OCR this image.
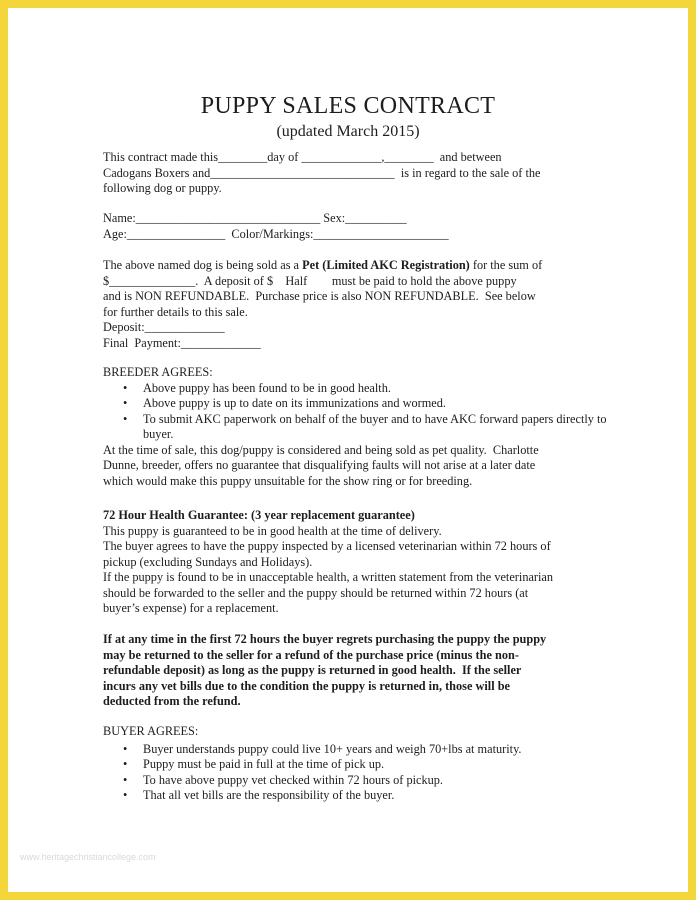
PUPPY SALES CONTRACT
(updated March 2015)

This contract made this________day of _____________,________  and between

Cadogans Boxers and______________________________  is in regard to the sale of the

following dog or puppy.

Name:______________________________ Sex:__________

Age:________________  Color/Markings:______________________

The above named dog is being sold as a Pet (Limited AKC Registration) for the sum of

$______________.  A deposit of $    Half        must be paid to hold the above puppy

and is NON REFUNDABLE.  Purchase price is also NON REFUNDABLE.  See below

for further details to this sale.

Deposit:_____________

Final  Payment:_____________

BREEDER AGREES:

• Above puppy has been found to be in good health.
• Above puppy is up to date on its immunizations and wormed.
• To submit AKC paperwork on behalf of the buyer and to have AKC forward papers directly to buyer.

At the time of sale, this dog/puppy is considered and being sold as pet quality.  Charlotte

Dunne, breeder, offers no guarantee that disqualifying faults will not arise at a later date

which would make this puppy unsuitable for the show ring or for breeding.

72 Hour Health Guarantee: (3 year replacement guarantee)

This puppy is guaranteed to be in good health at the time of delivery.

The buyer agrees to have the puppy inspected by a licensed veterinarian within 72 hours of

pickup (excluding Sundays and Holidays).

If the puppy is found to be in unacceptable health, a written statement from the veterinarian

should be forwarded to the seller and the puppy should be returned within 72 hours (at

buyer’s expense) for a replacement.

If at any time in the first 72 hours the buyer regrets purchasing the puppy the puppy

may be returned to the seller for a refund of the purchase price (minus the non-

refundable deposit) as long as the puppy is returned in good health.  If the seller

incurs any vet bills due to the condition the puppy is returned in, those will be

deducted from the refund.

BUYER AGREES:

• Buyer understands puppy could live 10+ years and weigh 70+lbs at maturity.
• Puppy must be paid in full at the time of pick up.
• To have above puppy vet checked within 72 hours of pickup.
• That all vet bills are the responsibility of the buyer.
www.heritagechristiancollege.com
